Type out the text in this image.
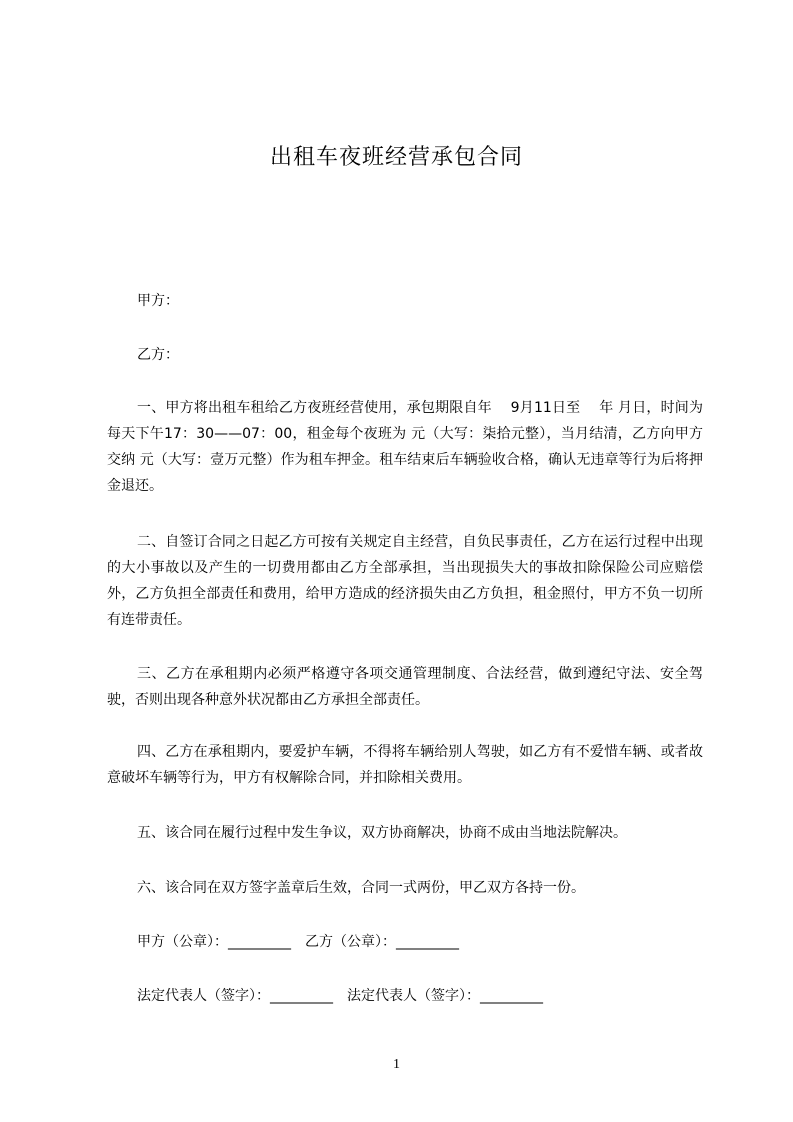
出租车夜班经营承包合同
甲方：
乙方：
一、甲方将出租车租给乙方夜班经营使用，承包期限自年　 9月11日至　 年 月日，时间为每天下午17：30——07：00，租金每个夜班为 元（大写：柒拾元整），当月结清，乙方向甲方交纳 元（大写：壹万元整）作为租车押金。租车结束后车辆验收合格，确认无违章等行为后将押金退还。
二、自签订合同之日起乙方可按有关规定自主经营，自负民事责任，乙方在运行过程中出现的大小事故以及产生的一切费用都由乙方全部承担，当出现损失大的事故扣除保险公司应赔偿外，乙方负担全部责任和费用，给甲方造成的经济损失由乙方负担，租金照付，甲方不负一切所有连带责任。
三、乙方在承租期内必须严格遵守各项交通管理制度、合法经营，做到遵纪守法、安全驾驶，否则出现各种意外状况都由乙方承担全部责任。
四、乙方在承租期内，要爱护车辆，不得将车辆给别人驾驶，如乙方有不爱惜车辆、或者故意破坏车辆等行为，甲方有权解除合同，并扣除相关费用。
五、该合同在履行过程中发生争议，双方协商解决，协商不成由当地法院解决。
六、该合同在双方签字盖章后生效，合同一式两份，甲乙双方各持一份。
甲方（公章）：_________　乙方（公章）：_________
法定代表人（签字）：_________　法定代表人（签字）：_________
1
